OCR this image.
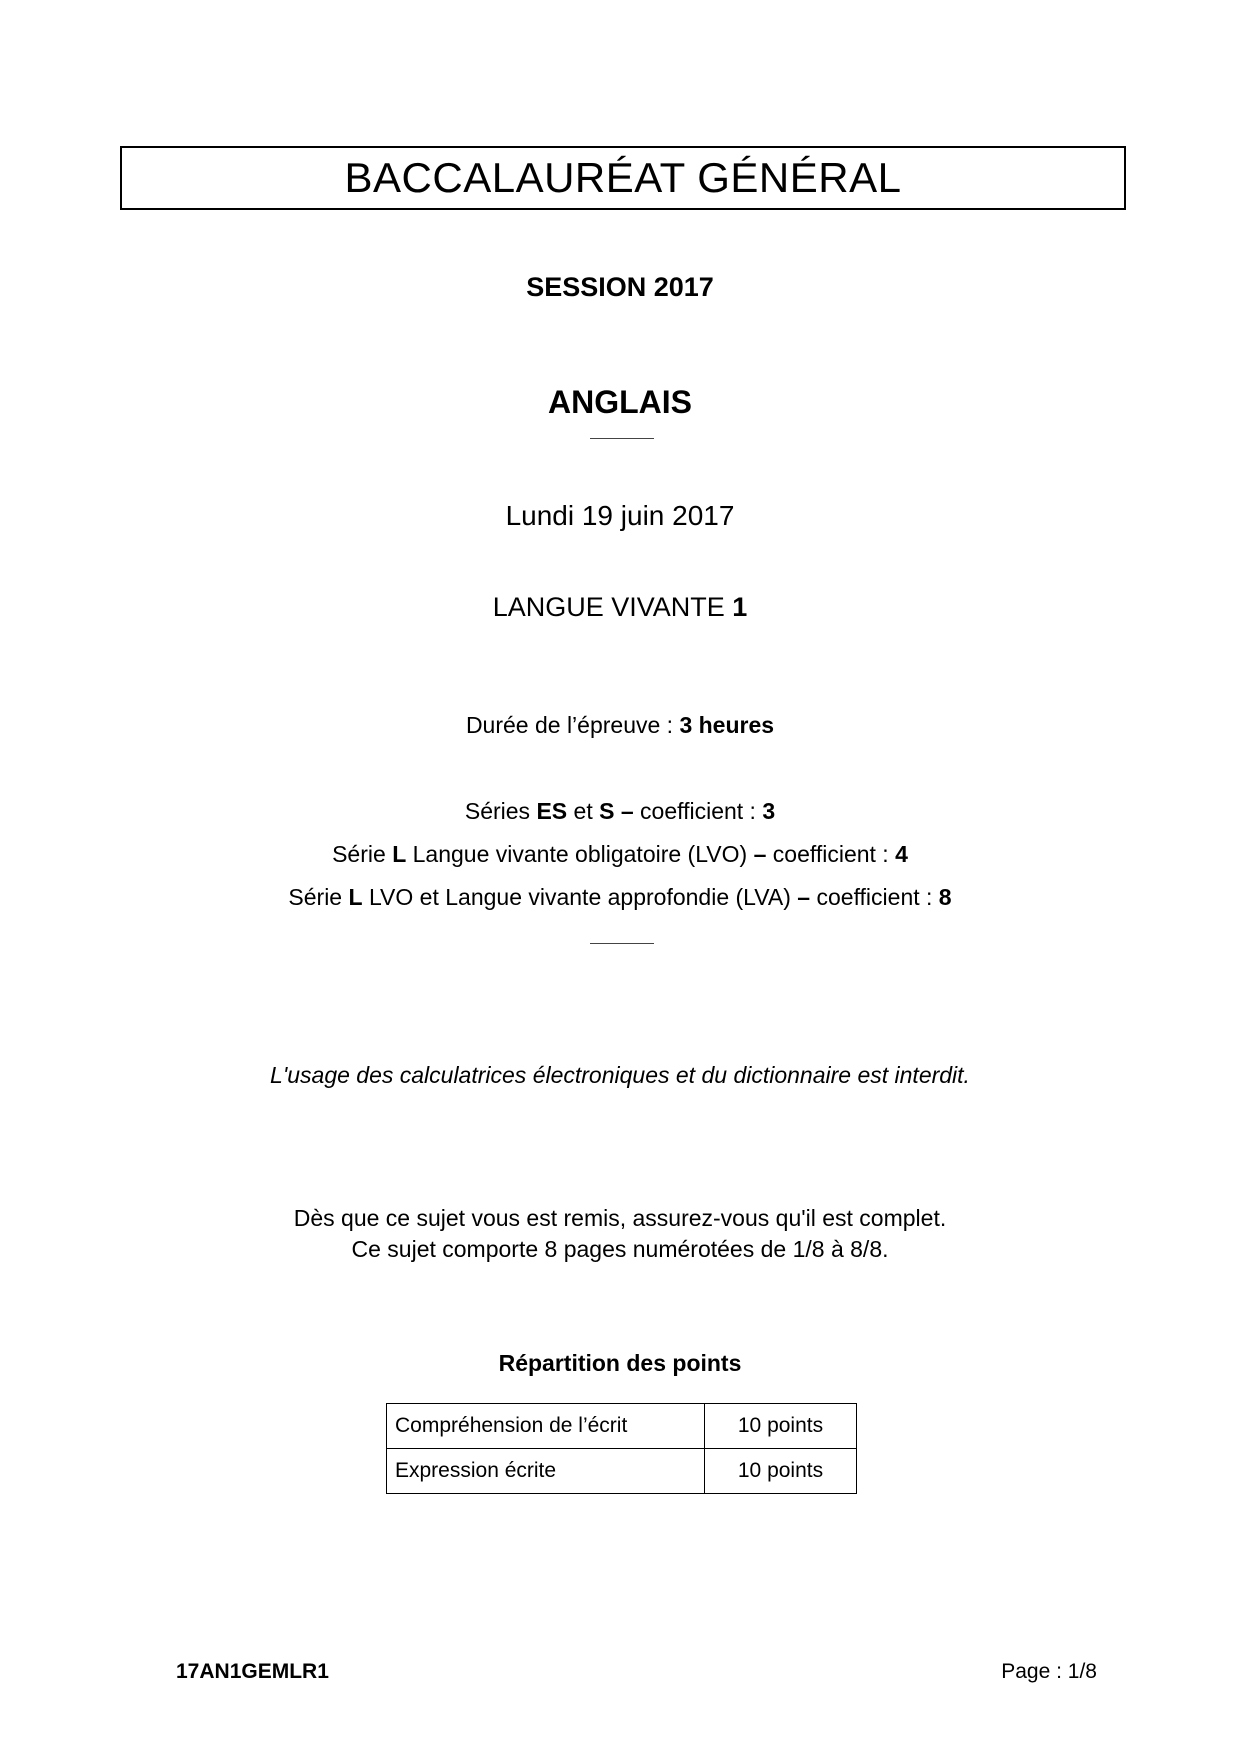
BACCALAURÉAT GÉNÉRAL
SESSION 2017
ANGLAIS
Lundi 19 juin 2017
LANGUE VIVANTE 1
Durée de l’épreuve : 3 heures
Séries ES et S – coefficient : 3
Série L Langue vivante obligatoire (LVO) – coefficient : 4
Série L LVO et Langue vivante approfondie (LVA) – coefficient : 8
L'usage des calculatrices électroniques et du dictionnaire est interdit.
Dès que ce sujet vous est remis, assurez-vous qu'il est complet.
Ce sujet comporte 8 pages numérotées de 1/8 à 8/8.
Répartition des points
Compréhension de l’écrit	10 points
Expression écrite	10 points
17AN1GEMLR1	Page : 1/8
